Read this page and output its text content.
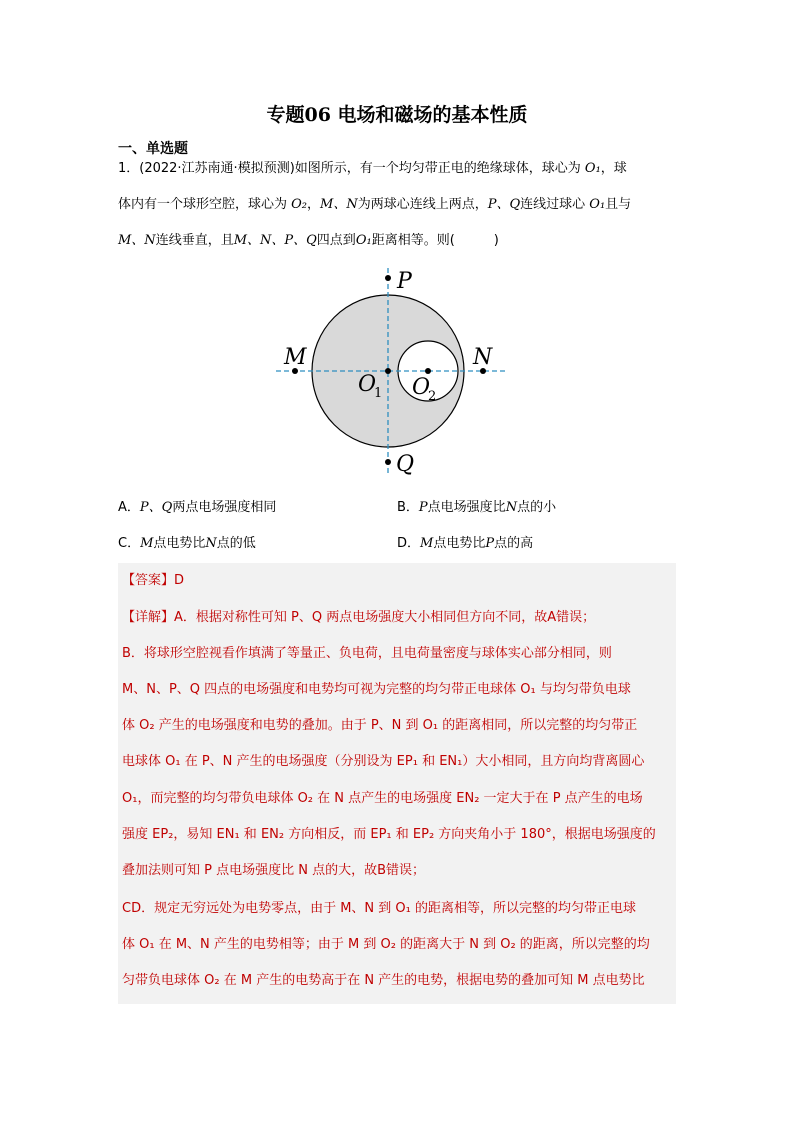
专题06 电场和磁场的基本性质
一、单选题
1．(2022·江苏南通·模拟预测)如图所示，有一个均匀带正电的绝缘球体，球心为 O₁，球
体内有一个球形空腔，球心为 O₂，M、N为两球心连线上两点，P、Q连线过球心 O₁且与
M、N连线垂直，且M、N、P、Q四点到O₁距离相等。则(　　　)
P
Q
M	N
O
1 O
2
A．P、Q两点电场强度相同	B．P点电场强度比N点的小
C．M点电势比N点的低	D．M点电势比P点的高
【答案】D
【详解】A．根据对称性可知 P、Q 两点电场强度大小相同但方向不同，故A错误；
B．将球形空腔视看作填满了等量正、负电荷，且电荷量密度与球体实心部分相同，则
M、N、P、Q 四点的电场强度和电势均可视为完整的均匀带正电球体 O₁ 与均匀带负电球
体 O₂ 产生的电场强度和电势的叠加。由于 P、N 到 O₁ 的距离相同，所以完整的均匀带正
电球体 O₁ 在 P、N 产生的电场强度（分别设为 EP₁ 和 EN₁）大小相同，且方向均背离圆心
O₁，而完整的均匀带负电球体 O₂ 在 N 点产生的电场强度 EN₂ 一定大于在 P 点产生的电场
强度 EP₂，易知 EN₁ 和 EN₂ 方向相反，而 EP₁ 和 EP₂ 方向夹角小于 180°，根据电场强度的
叠加法则可知 P 点电场强度比 N 点的大，故B错误；
CD．规定无穷远处为电势零点，由于 M、N 到 O₁ 的距离相等，所以完整的均匀带正电球
体 O₁ 在 M、N 产生的电势相等；由于 M 到 O₂ 的距离大于 N 到 O₂ 的距离，所以完整的均
匀带负电球体 O₂ 在 M 产生的电势高于在 N 产生的电势，根据电势的叠加可知 M 点电势比
